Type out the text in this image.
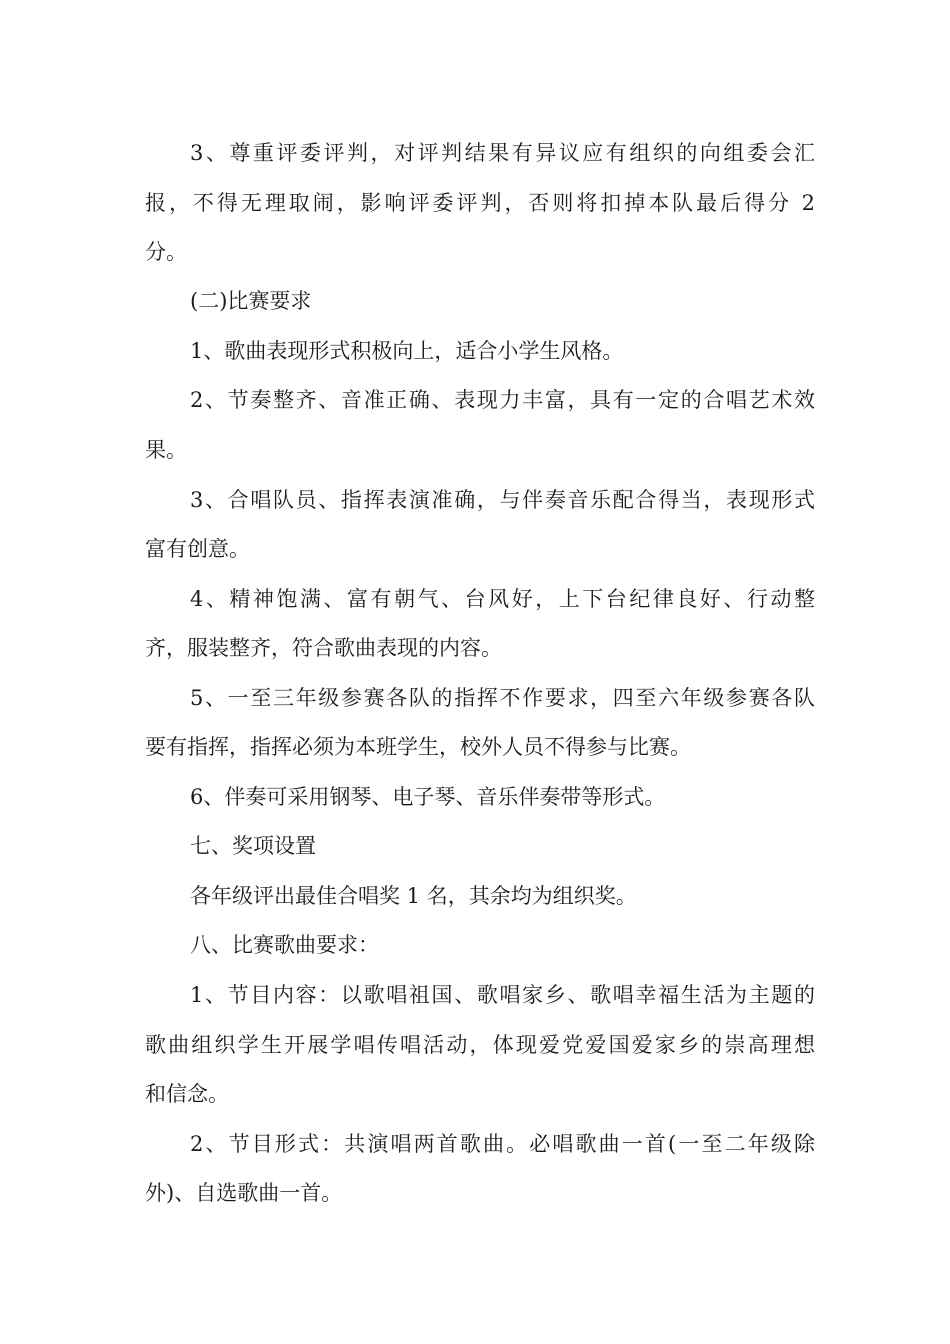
3、尊重评委评判，对评判结果有异议应有组织的向组委会汇
报，不得无理取闹，影响评委评判，否则将扣掉本队最后得分 2
分。
(二)比赛要求
1、歌曲表现形式积极向上，适合小学生风格。
2、节奏整齐、音准正确、表现力丰富，具有一定的合唱艺术效
果。
3、合唱队员、指挥表演准确，与伴奏音乐配合得当，表现形式
富有创意。
4、精神饱满、富有朝气、台风好，上下台纪律良好、行动整
齐，服装整齐，符合歌曲表现的内容。
5、一至三年级参赛各队的指挥不作要求，四至六年级参赛各队
要有指挥，指挥必须为本班学生，校外人员不得参与比赛。
6、伴奏可采用钢琴、电子琴、音乐伴奏带等形式。
七、奖项设置
各年级评出最佳合唱奖 1 名，其余均为组织奖。
八、比赛歌曲要求：
1、节目内容：以歌唱祖国、歌唱家乡、歌唱幸福生活为主题的
歌曲组织学生开展学唱传唱活动，体现爱党爱国爱家乡的崇高理想
和信念。
2、节目形式：共演唱两首歌曲。必唱歌曲一首(一至二年级除
外)、自选歌曲一首。
